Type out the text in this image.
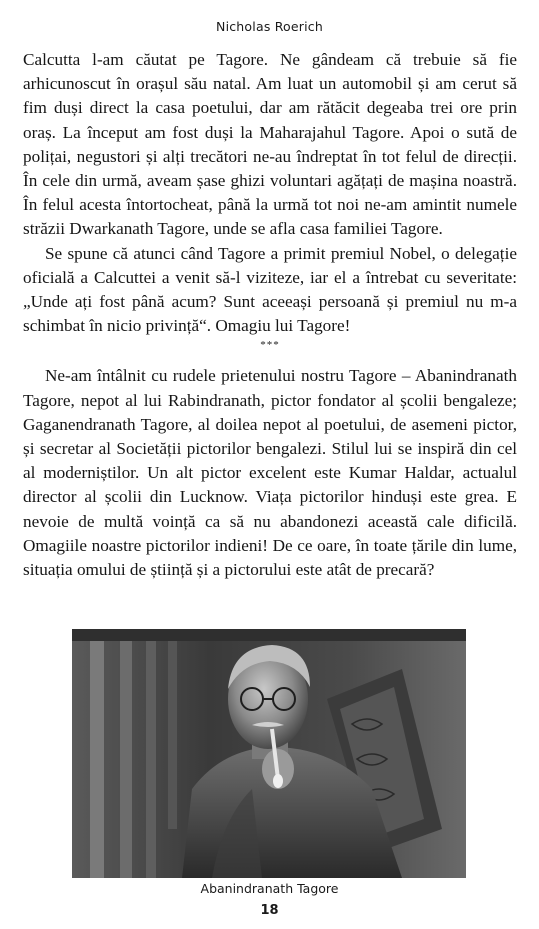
Nicholas Roerich

Calcutta l-am căutat pe Tagore. Ne gândeam că trebuie să fie arhicunoscut în orașul său natal. Am luat un automobil și am cerut să fim duși direct la casa poetului, dar am rătăcit degeaba trei ore prin oraș. La început am fost duși la Maharajahul Tagore. Apoi o sută de polițai, negustori și alți trecători ne-au îndreptat în tot felul de direcții. În cele din urmă, aveam șase ghizi voluntari agățați de mașina noastră. În felul acesta întortocheat, până la urmă tot noi ne-am amintit numele străzii Dwarkanath Tagore, unde se afla casa familiei Tagore.

Se spune că atunci când Tagore a primit premiul Nobel, o delegație oficială a Calcuttei a venit să-l viziteze, iar el a întrebat cu severitate: „Unde ați fost până acum? Sunt aceeași persoană și premiul nu m-a schimbat în nicio privință“. Omagiu lui Tagore!

***

Ne-am întâlnit cu rudele prietenului nostru Tagore – Abanindranath Tagore, nepot al lui Rabindranath, pictor fondator al școlii bengaleze; Gaganendranath Tagore, al doilea nepot al poetului, de asemeni pictor, și secretar al Societății pictorilor bengalezi. Stilul lui se inspiră din cel al moderniștilor. Un alt pictor excelent este Kumar Haldar, actualul director al școlii din Lucknow. Viața pictorilor hinduși este grea. E nevoie de multă voință ca să nu abandonezi această cale dificilă. Omagiile noastre pictorilor indieni! De ce oare, în toate țările din lume, situația omului de știință și a pictorului este atât de precară?

Abanindranath Tagore
18
